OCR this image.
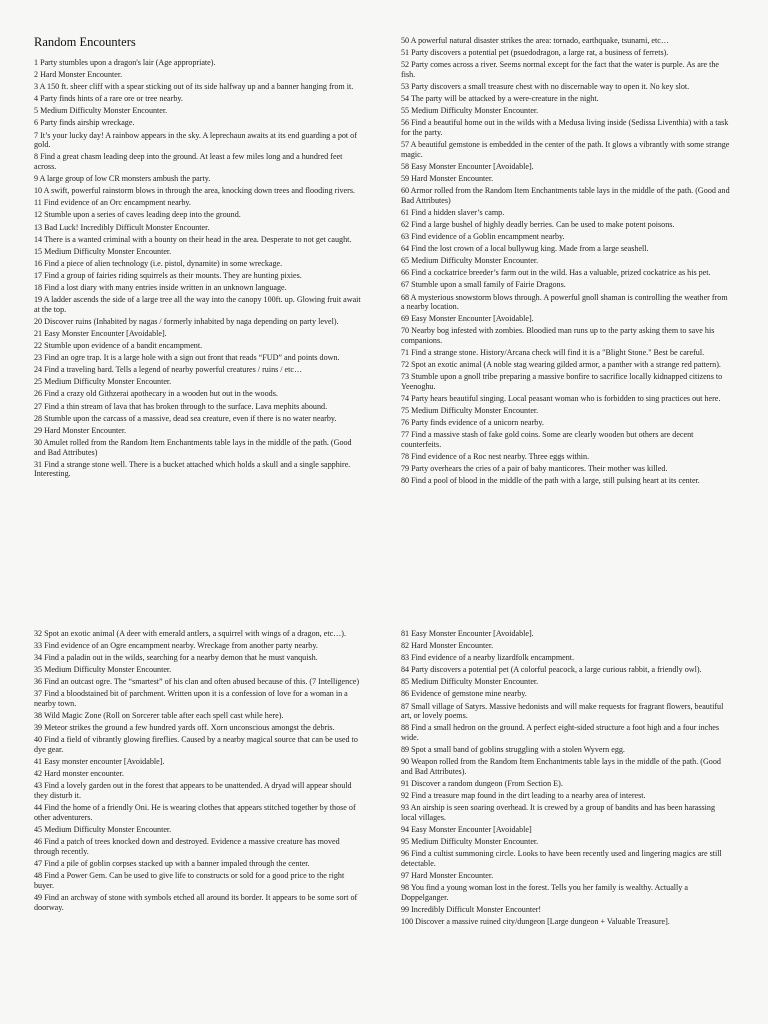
Random Encounters
1 Party stumbles upon a dragon's lair (Age appropriate).
2 Hard Monster Encounter.
3 A 150 ft. sheer cliff with a spear sticking out of its side halfway up and a banner hanging from it.
4 Party finds hints of a rare ore or tree nearby.
5 Medium Difficulty Monster Encounter.
6 Party finds airship wreckage.
7 It’s your lucky day! A rainbow appears in the sky. A leprechaun awaits at its end guarding a pot of gold.
8 Find a great chasm leading deep into the ground. At least a few miles long and a hundred feet across.
9 A large group of low CR monsters ambush the party.
10 A swift, powerful rainstorm blows in through the area, knocking down trees and flooding rivers.
11 Find evidence of an Orc encampment nearby.
12 Stumble upon a series of caves leading deep into the ground.
13 Bad Luck! Incredibly Difficult Monster Encounter.
14 There is a wanted criminal with a bounty on their head in the area. Desperate to not get caught.
15 Medium Difficulty Monster Encounter.
16 Find a piece of alien technology (i.e. pistol, dynamite) in some wreckage.
17 Find a group of fairies riding squirrels as their mounts. They are hunting pixies.
18 Find a lost diary with many entries inside written in an unknown language.
19 A ladder ascends the side of a large tree all the way into the canopy 100ft. up. Glowing fruit await at the top.
20 Discover ruins (Inhabited by nagas / formerly inhabited by naga depending on party level).
21 Easy Monster Encounter [Avoidable].
22 Stumble upon evidence of a bandit encampment.
23 Find an ogre trap. It is a large hole with a sign out front that reads “FUD” and points down.
24 Find a traveling bard. Tells a legend of nearby powerful creatures / ruins / etc…
25 Medium Difficulty Monster Encounter.
26 Find a crazy old Githzerai apothecary in a wooden hut out in the woods.
27 Find a thin stream of lava that has broken through to the surface. Lava mephits abound.
28 Stumble upon the carcass of a massive, dead sea creature, even if there is no water nearby.
29 Hard Monster Encounter.
30 Amulet rolled from the Random Item Enchantments table lays in the middle of the path. (Good and Bad Attributes)
31 Find a strange stone well. There is a bucket attached which holds a skull and a single sapphire. Interesting.
50 A powerful natural disaster strikes the area: tornado, earthquake, tsunami, etc…
51 Party discovers a potential pet (psuedodragon, a large rat, a business of ferrets).
52 Party comes across a river. Seems normal except for the fact that the water is purple. As are the fish.
53 Party discovers a small treasure chest with no discernable way to open it. No key slot.
54 The party will be attacked by a were-creature in the night.
55 Medium Difficulty Monster Encounter.
56 Find a beautiful home out in the wilds with a Medusa living inside (Sedissa Liventhia) with a task for the party.
57 A beautiful gemstone is embedded in the center of the path. It glows a vibrantly with some strange magic.
58 Easy Monster Encounter [Avoidable].
59 Hard Monster Encounter.
60 Armor rolled from the Random Item Enchantments table lays in the middle of the path. (Good and Bad Attributes)
61 Find a hidden slaver’s camp.
62 Find a large bushel of highly deadly berries. Can be used to make potent poisons.
63 Find evidence of a Goblin encampment nearby.
64 Find the lost crown of a local bullywug king. Made from a large seashell.
65 Medium Difficulty Monster Encounter.
66 Find a cockatrice breeder’s farm out in the wild. Has a valuable, prized cockatrice as his pet.
67 Stumble upon a small family of Fairie Dragons.
68 A mysterious snowstorm blows through. A powerful gnoll shaman is controlling the weather from a nearby location.
69 Easy Monster Encounter [Avoidable].
70 Nearby bog infested with zombies. Bloodied man runs up to the party asking them to save his companions.
71 Find a strange stone. History/Arcana check will find it is a "Blight Stone." Best be careful.
72 Spot an exotic animal (A noble stag wearing gilded armor, a panther with a strange red pattern).
73 Stumble upon a gnoll tribe preparing a massive bonfire to sacrifice locally kidnapped citizens to Yeenoghu.
74 Party hears beautiful singing. Local peasant woman who is forbidden to sing practices out here.
75 Medium Difficulty Monster Encounter.
76 Party finds evidence of a unicorn nearby.
77 Find a massive stash of fake gold coins. Some are clearly wooden but others are decent counterfeits.
78 Find evidence of a Roc nest nearby. Three eggs within.
79 Party overhears the cries of a pair of baby manticores. Their mother was killed.
80 Find a pool of blood in the middle of the path with a large, still pulsing heart at its center.
32 Spot an exotic animal (A deer with emerald antlers, a squirrel with wings of a dragon, etc…).
33 Find evidence of an Ogre encampment nearby. Wreckage from another party nearby.
34 Find a paladin out in the wilds, searching for a nearby demon that he must vanquish.
35 Medium Difficulty Monster Encounter.
36 Find an outcast ogre. The “smartest” of his clan and often abused because of this. (7 Intelligence)
37 Find a bloodstained bit of parchment. Written upon it is a confession of love for a woman in a nearby town.
38 Wild Magic Zone (Roll on Sorcerer table after each spell cast while here).
39 Meteor strikes the ground a few hundred yards off. Xorn unconscious amongst the debris.
40 Find a field of vibrantly glowing fireflies. Caused by a nearby magical source that can be used to dye gear.
41 Easy monster encounter [Avoidable].
42 Hard monster encounter.
43 Find a lovely garden out in the forest that appears to be unattended. A dryad will appear should they disturb it.
44 Find the home of a friendly Oni. He is wearing clothes that appears stitched together by those of other adventurers.
45 Medium Difficulty Monster Encounter.
46 Find a patch of trees knocked down and destroyed. Evidence a massive creature has moved through recently.
47 Find a pile of goblin corpses stacked up with a banner impaled through the center.
48 Find a Power Gem. Can be used to give life to constructs or sold for a good price to the right buyer.
49 Find an archway of stone with symbols etched all around its border. It appears to be some sort of doorway.
81 Easy Monster Encounter [Avoidable].
82 Hard Monster Encounter.
83 Find evidence of a nearby lizardfolk encampment.
84 Party discovers a potential pet (A colorful peacock, a large curious rabbit, a friendly owl).
85 Medium Difficulty Monster Encounter.
86 Evidence of gemstone mine nearby.
87 Small village of Satyrs. Massive hedonists and will make requests for fragrant flowers, beautiful art, or lovely poems.
88 Find a small hedron on the ground. A perfect eight-sided structure a foot high and a four inches wide.
89 Spot a small band of goblins struggling with a stolen Wyvern egg.
90 Weapon rolled from the Random Item Enchantments table lays in the middle of the path. (Good and Bad Attributes).
91 Discover a random dungeon (From Section E).
92 Find a treasure map found in the dirt leading to a nearby area of interest.
93 An airship is seen soaring overhead. It is crewed by a group of bandits and has been harassing local villages.
94 Easy Monster Encounter [Avoidable]
95 Medium Difficulty Monster Encounter.
96 Find a cultist summoning circle. Looks to have been recently used and lingering magics are still detectable.
97 Hard Monster Encounter.
98 You find a young woman lost in the forest. Tells you her family is wealthy. Actually a Doppelganger.
99 Incredibly Difficult Monster Encounter!
100 Discover a massive ruined city/dungeon [Large dungeon + Valuable Treasure].
